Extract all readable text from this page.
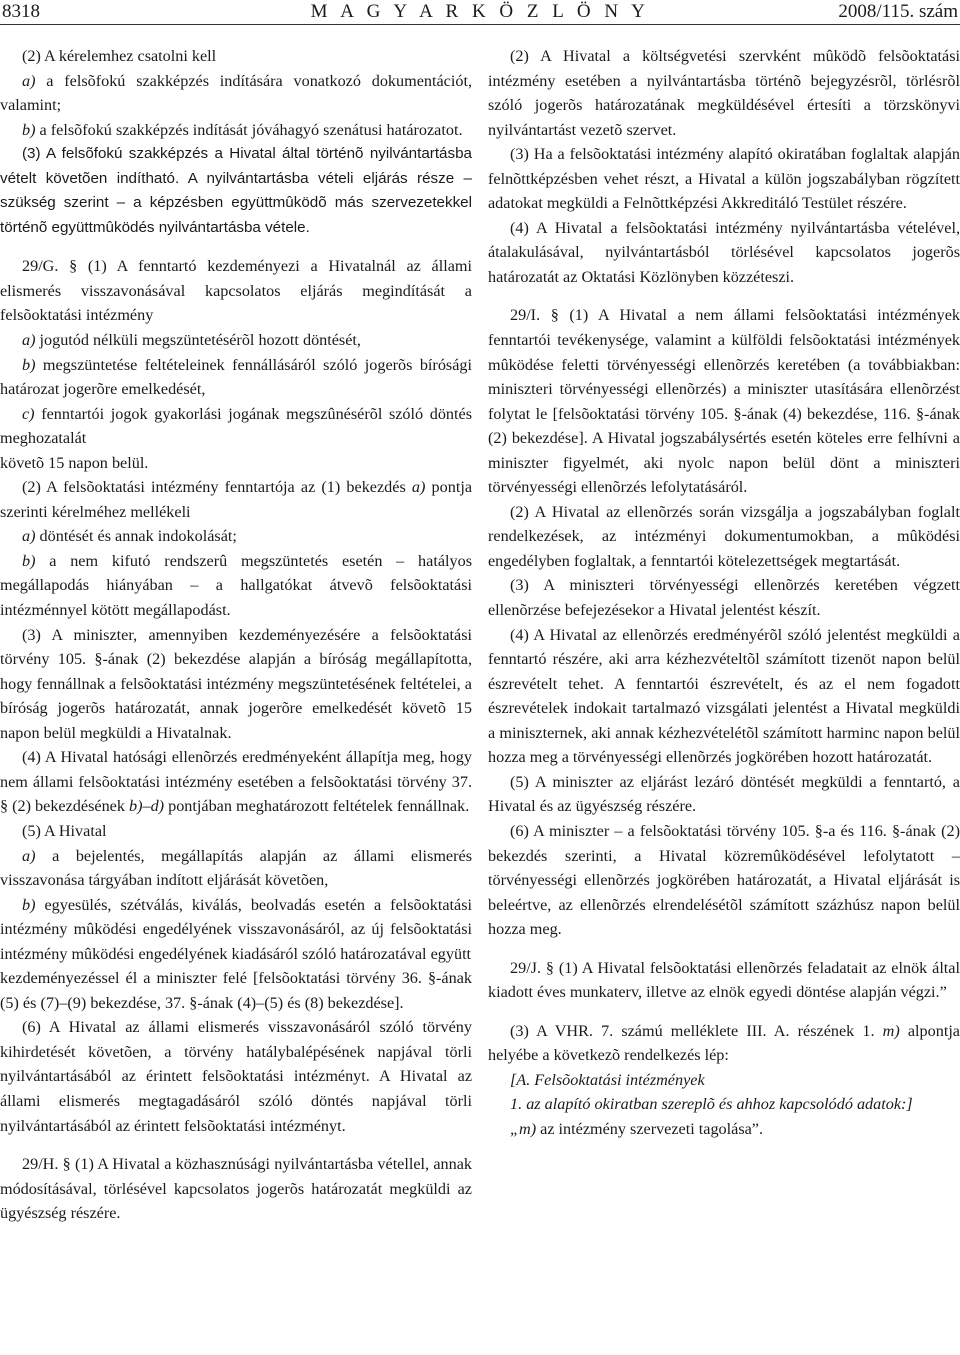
8318	M A G Y A R K Ö Z L Ö N Y	2008/115. szám

(2) A kérelemhez csatolni kell

a) a felsõfokú szakképzés indítására vonatkozó dokumentációt, valamint;

b) a felsõfokú szakképzés indítását jóváhagyó szenátusi határozatot.

(3) A felsõfokú szakképzés a Hivatal által történõ nyilvántartásba vételt követõen indítható. A nyilvántartásba vételi eljárás része – szükség szerint – a képzésben együttmûködõ más szervezetekkel történõ együttmûködés nyilvántartásba vétele.

29/G. § (1) A fenntartó kezdeményezi a Hivatalnál az állami elismerés visszavonásával kapcsolatos eljárás megindítását a felsõoktatási intézmény

a) jogutód nélküli megszüntetésérõl hozott döntését,

b) megszüntetése feltételeinek fennállásáról szóló jogerõs bírósági határozat jogerõre emelkedését,

c) fenntartói jogok gyakorlási jogának megszûnésérõl szóló döntés meghozatalát

követõ 15 napon belül.

(2) A felsõoktatási intézmény fenntartója az (1) bekezdés a) pontja szerinti kérelméhez mellékeli

a) döntését és annak indokolását;

b) a nem kifutó rendszerû megszüntetés esetén – hatályos megállapodás hiányában – a hallgatókat átvevõ felsõoktatási intézménnyel kötött megállapodást.

(3) A miniszter, amennyiben kezdeményezésére a felsõoktatási törvény 105. §-ának (2) bekezdése alapján a bíróság megállapította, hogy fennállnak a felsõoktatási intézmény megszüntetésének feltételei, a bíróság jogerõs határozatát, annak jogerõre emelkedését követõ 15 napon belül megküldi a Hivatalnak.

(4) A Hivatal hatósági ellenõrzés eredményeként állapítja meg, hogy nem állami felsõoktatási intézmény esetében a felsõoktatási törvény 37. § (2) bekezdésének b)–d) pontjában meghatározott feltételek fennállnak.

(5) A Hivatal

a) a bejelentés, megállapítás alapján az állami elismerés visszavonása tárgyában indított eljárását követõen,

b) egyesülés, szétválás, kiválás, beolvadás esetén a felsõoktatási intézmény mûködési engedélyének visszavonásáról, az új felsõoktatási intézmény mûködési engedélyének kiadásáról szóló határozatával együtt

kezdeményezéssel él a miniszter felé [felsõoktatási törvény 36. §-ának (5) és (7)–(9) bekezdése, 37. §-ának (4)–(5) és (8) bekezdése].

(6) A Hivatal az állami elismerés visszavonásáról szóló törvény kihirdetését követõen, a törvény hatálybalépésének napjával törli nyilvántartásából az érintett felsõoktatási intézményt. A Hivatal az állami elismerés megtagadásáról szóló döntés napjával törli nyilvántartásából az érintett felsõoktatási intézményt.

29/H. § (1) A Hivatal a közhasznúsági nyilvántartásba vétellel, annak módosításával, törlésével kapcsolatos jogerõs határozatát megküldi az ügyészség részére.

(2) A Hivatal a költségvetési szervként mûködõ felsõoktatási intézmény esetében a nyilvántartásba történõ bejegyzésrõl, törlésrõl szóló jogerõs határozatának megküldésével értesíti a törzskönyvi nyilvántartást vezetõ szervet.

(3) Ha a felsõoktatási intézmény alapító okiratában foglaltak alapján felnõttképzésben vehet részt, a Hivatal a külön jogszabályban rögzített adatokat megküldi a Felnõttképzési Akkreditáló Testület részére.

(4) A Hivatal a felsõoktatási intézmény nyilvántartásba vételével, átalakulásával, nyilvántartásból törlésével kapcsolatos jogerõs határozatát az Oktatási Közlönyben közzéteszi.

29/I. § (1) A Hivatal a nem állami felsõoktatási intézmények fenntartói tevékenysége, valamint a külföldi felsõoktatási intézmények mûködése feletti törvényességi ellenõrzés keretében (a továbbiakban: miniszteri törvényességi ellenõrzés) a miniszter utasítására ellenõrzést folytat le [felsõoktatási törvény 105. §-ának (4) bekezdése, 116. §-ának (2) bekezdése]. A Hivatal jogszabálysértés esetén köteles erre felhívni a miniszter figyelmét, aki nyolc napon belül dönt a miniszteri törvényességi ellenõrzés lefolytatásáról.

(2) A Hivatal az ellenõrzés során vizsgálja a jogszabályban foglalt rendelkezések, az intézményi dokumentumokban, a mûködési engedélyben foglaltak, a fenntartói kötelezettségek megtartását.

(3) A miniszteri törvényességi ellenõrzés keretében végzett ellenõrzése befejezésekor a Hivatal jelentést készít.

(4) A Hivatal az ellenõrzés eredményérõl szóló jelentést megküldi a fenntartó részére, aki arra kézhezvételtõl számított tizenöt napon belül észrevételt tehet. A fenntartói észrevételt, és az el nem fogadott észrevételek indokait tartalmazó vizsgálati jelentést a Hivatal megküldi a miniszternek, aki annak kézhezvételétõl számított harminc napon belül hozza meg a törvényességi ellenõrzés jogkörében hozott határozatát.

(5) A miniszter az eljárást lezáró döntését megküldi a fenntartó, a Hivatal és az ügyészség részére.

(6) A miniszter – a felsõoktatási törvény 105. §-a és 116. §-ának (2) bekezdés szerinti, a Hivatal közremûködésével lefolytatott – törvényességi ellenõrzés jogkörében határozatát, a Hivatal eljárását is beleértve, az ellenõrzés elrendelésétõl számított százhúsz napon belül hozza meg.

29/J. § (1) A Hivatal felsõoktatási ellenõrzés feladatait az elnök által kiadott éves munkaterv, illetve az elnök egyedi döntése alapján végzi.”

(3) A VHR. 7. számú melléklete III. A. részének 1. m) alpontja helyébe a következõ rendelkezés lép:

[A. Felsõoktatási intézmények

1. az alapító okiratban szereplõ és ahhoz kapcsolódó adatok:]

„m) az intézmény szervezeti tagolása”.
